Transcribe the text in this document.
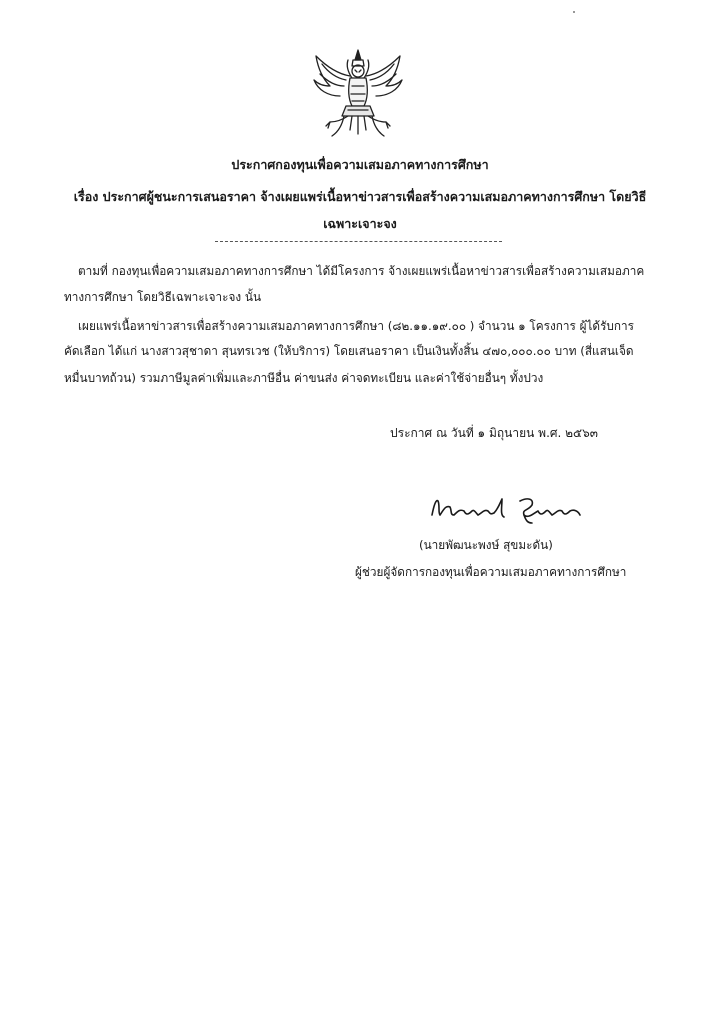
ประกาศกองทุนเพื่อความเสมอภาคทางการศึกษา
เรื่อง ประกาศผู้ชนะการเสนอราคา จ้างเผยแพร่เนื้อหาข่าวสารเพื่อสร้างความเสมอภาคทางการศึกษา โดยวิธี
เฉพาะเจาะจง
ตามที่ กองทุนเพื่อความเสมอภาคทางการศึกษา ได้มีโครงการ จ้างเผยแพร่เนื้อหาข่าวสารเพื่อสร้างความเสมอภาค
ทางการศึกษา โดยวิธีเฉพาะเจาะจง นั้น
เผยแพร่เนื้อหาข่าวสารเพื่อสร้างความเสมอภาคทางการศึกษา (๘๒.๑๑.๑๙.๐๐ ) จำนวน ๑ โครงการ ผู้ได้รับการ
คัดเลือก ได้แก่ นางสาวสุชาดา สุนทรเวช (ให้บริการ) โดยเสนอราคา เป็นเงินทั้งสิ้น ๔๗๐,๐๐๐.๐๐ บาท (สี่แสนเจ็ด
หมื่นบาทถ้วน) รวมภาษีมูลค่าเพิ่มและภาษีอื่น ค่าขนส่ง ค่าจดทะเบียน และค่าใช้จ่ายอื่นๆ ทั้งปวง
ประกาศ ณ วันที่ ๑ มิถุนายน พ.ศ. ๒๕๖๓
(นายพัฒนะพงษ์ สุขมะดัน)
ผู้ช่วยผู้จัดการกองทุนเพื่อความเสมอภาคทางการศึกษา
